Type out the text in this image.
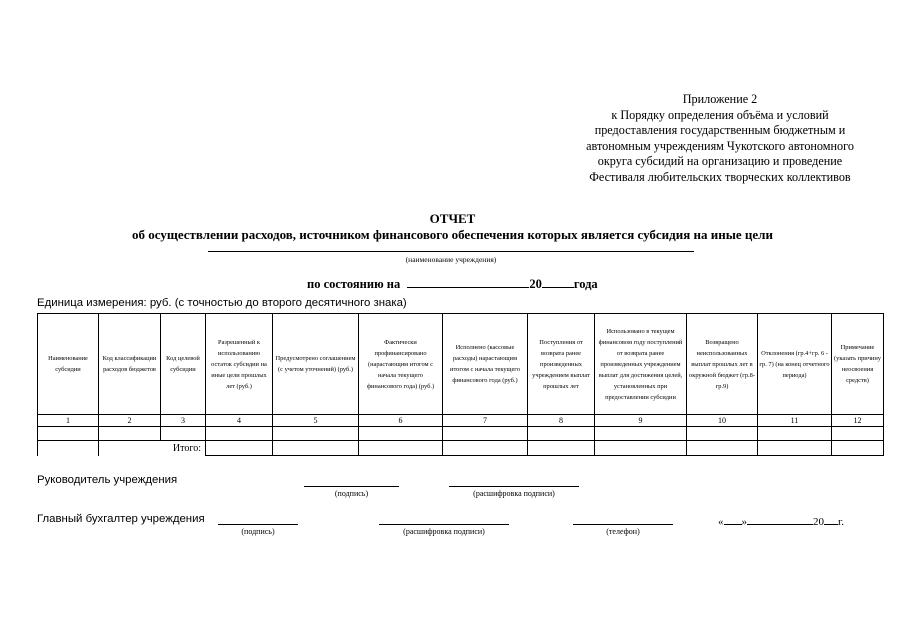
Приложение 2
к Порядку определения объёма и условий
предоставления государственным бюджетным и
автономным учреждениям Чукотского автономного
округа субсидий на организацию и проведение
Фестиваля любительских творческих коллективов
ОТЧЕТ
об осуществлении расходов, источником финансового обеспечения которых является субсидия на иные цели
(наименование учреждения)
по состоянию на	20	года
Единица измерения: руб. (с точностью до второго десятичного знака)
Наименование субсидии	Код классификации расходов бюджетов	Код целевой субсидии	Разрешенный к использованию остаток субсидии на иные цели прошлых лет (руб.)	Предусмотрено соглашением (с учетом уточнений) (руб.)	Фактически профинансировано (нарастающим итогом с начала текущего финансового года) (руб.)	Исполнено (кассовые расходы) нарастающим итогом с начала текущего финансового года (руб.)	Поступления от возврата ранее произведенных учреждением выплат прошлых лет	Использовано в текущем финансовом году поступлений от возврата ранее произведенных учреждением выплат для достижения целей, установленных при предоставлении субсидии	Возвращено неиспользованных выплат прошлых лет в окружной бюджет (гр.8-гр.9)	Отклонения (гр.4+гр. 6 - гр. 7) (на конец отчетного периода)	Примечание (указать причину неосвоения средств)
1	2	3	4	5	6	7	8	9	10	11	12

	Итого:										
Руководитель учреждения
(подпись)	(расшифровка подписи)
Главный бухгалтер учреждения
(подпись)	(расшифровка подписи)	(телефон)
« »	20 г.
